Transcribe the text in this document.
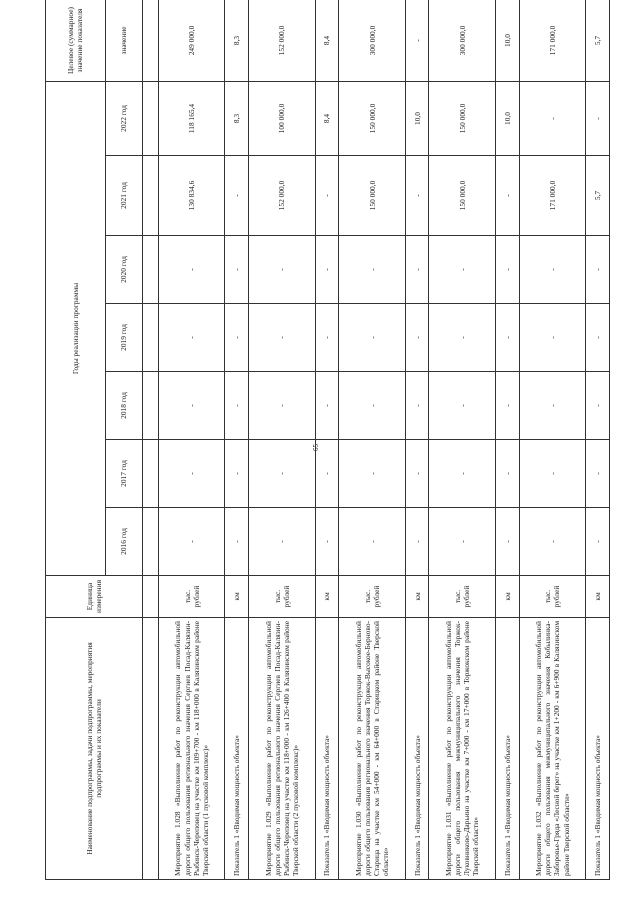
65
Наименование подпрограммы, задачи подпрограммы, мероприятия подпрограммы и их показатели	Единица измерения	Годы реализации программы							Целевое (суммарное) значение показателя
		2016 год	2017 год	2018 год	2019 год	2020 год	2021 год	2022 год	значение

Мероприятие 1.028 «Выполнение работ по реконструкции автомобильной дороги общего пользования регионального значения Сергиев Посад-Калязин-Рыбинск-Череповец на участке км 109+700 - км 118+000 в Калязинском районе Тверской области (1 пусковой комплекс)»	тыс. рублей	-	-	-	-	-	130 834,6	118 165,4	249 000,0
Показатель 1 «Вводимая мощность объекта»	км	-	-	-	-	-	-	8,3	8,3
Мероприятие 1.029 «Выполнение работ по реконструкции автомобильной дороги общего пользования регионального значения Сергиев Посад-Калязин-Рыбинск-Череповец на участке км 118+000 - км 126+400 в Калязинском районе Тверской области (2 пусковой комплекс)»	тыс. рублей	-	-	-	-	-	152 000,0	100 000,0	152 000,0
Показатель 1 «Вводимая мощность объекта»	км	-	-	-	-	-	-	8,4	8,4
Мероприятие 1.030 «Выполнение работ по реконструкции автомобильной дороги общего пользования регионального значения Торжок-Высокое-Берново-Старица на участке км 54+000 - км 64+000 в Старицком районе Тверской области»	тыс. рублей	-	-	-	-	-	150 000,0	150 000,0	300 000,0
Показатель 1 «Вводимая мощность объекта»	км	-	-	-	-	-	-	10,0	-
Мероприятие 1.031 «Выполнение работ по реконструкции автомобильной дороги общего пользования межмуниципального значения Торжок-Луковниково-Дарьино на участке км 7+000 - км 17+000 в Торжокском районе Тверской области»	тыс. рублей	-	-	-	-	-	150 000,0	150 000,0	300 000,0
Показатель 1 «Вводимая мощность объекта»	км	-	-	-	-	-	-	10,0	10,0
Мероприятие 1.032 «Выполнение работ по реконструкции автомобильной дороги общего пользования межмуниципального значения Кобылинка-Заборовье-Гряда «Лесной берег» на участке км 1+200 - км 6+900 в Калязинском районе Тверской области»	тыс. рублей	-	-	-	-	-	171 000,0	-	171 000,0
Показатель 1 «Вводимая мощность объекта»	км	-	-	-	-	-	5,7	-	5,7
